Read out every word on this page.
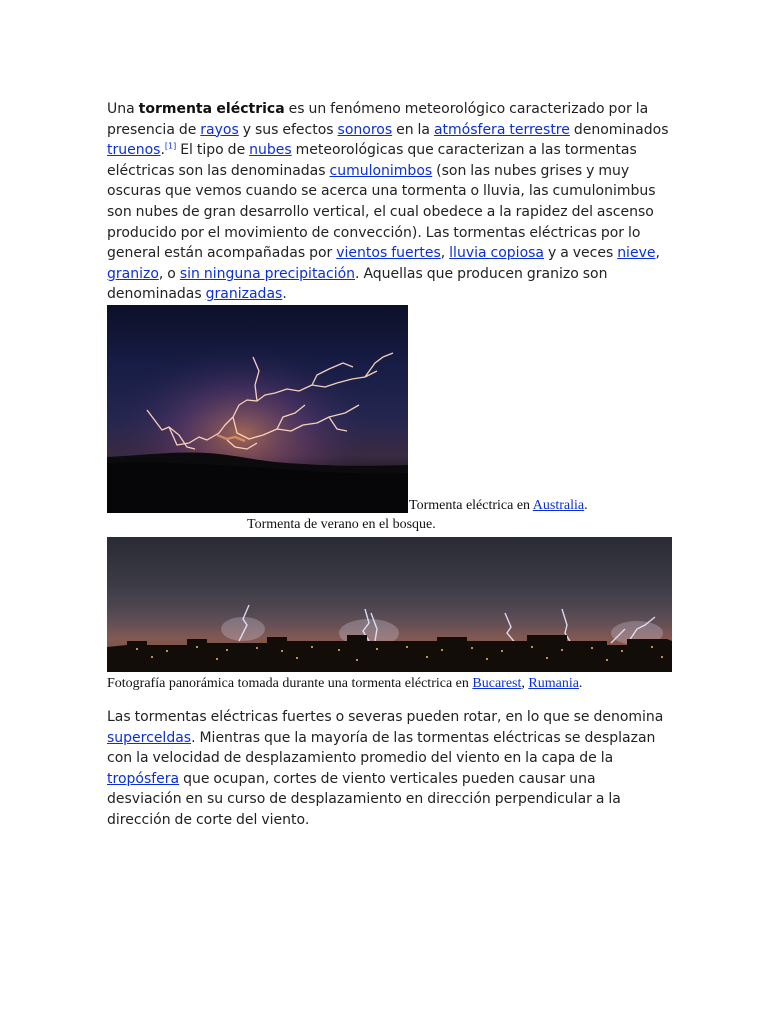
Una tormenta eléctrica es un fenómeno meteorológico caracterizado por la presencia de rayos y sus efectos sonoros en la atmósfera terrestre denominados truenos.[1] El tipo de nubes meteorológicas que caracterizan a las tormentas eléctricas son las denominadas cumulonimbos (son las nubes grises y muy oscuras que vemos cuando se acerca una tormenta o lluvia, las cumulonimbus son nubes de gran desarrollo vertical, el cual obedece a la rapidez del ascenso producido por el movimiento de convección). Las tormentas eléctricas por lo general están acompañadas por vientos fuertes, lluvia copiosa y a veces nieve, granizo, o sin ninguna precipitación. Aquellas que producen granizo son denominadas granizadas.

Tormenta eléctrica en Australia.
Tormenta de verano en el bosque.
Fotografía panorámica tomada durante una tormenta eléctrica en Bucarest, Rumania.

Las tormentas eléctricas fuertes o severas pueden rotar, en lo que se denomina superceldas. Mientras que la mayoría de las tormentas eléctricas se desplazan con la velocidad de desplazamiento promedio del viento en la capa de la tropósfera que ocupan, cortes de viento verticales pueden causar una desviación en su curso de desplazamiento en dirección perpendicular a la dirección de corte del viento.
